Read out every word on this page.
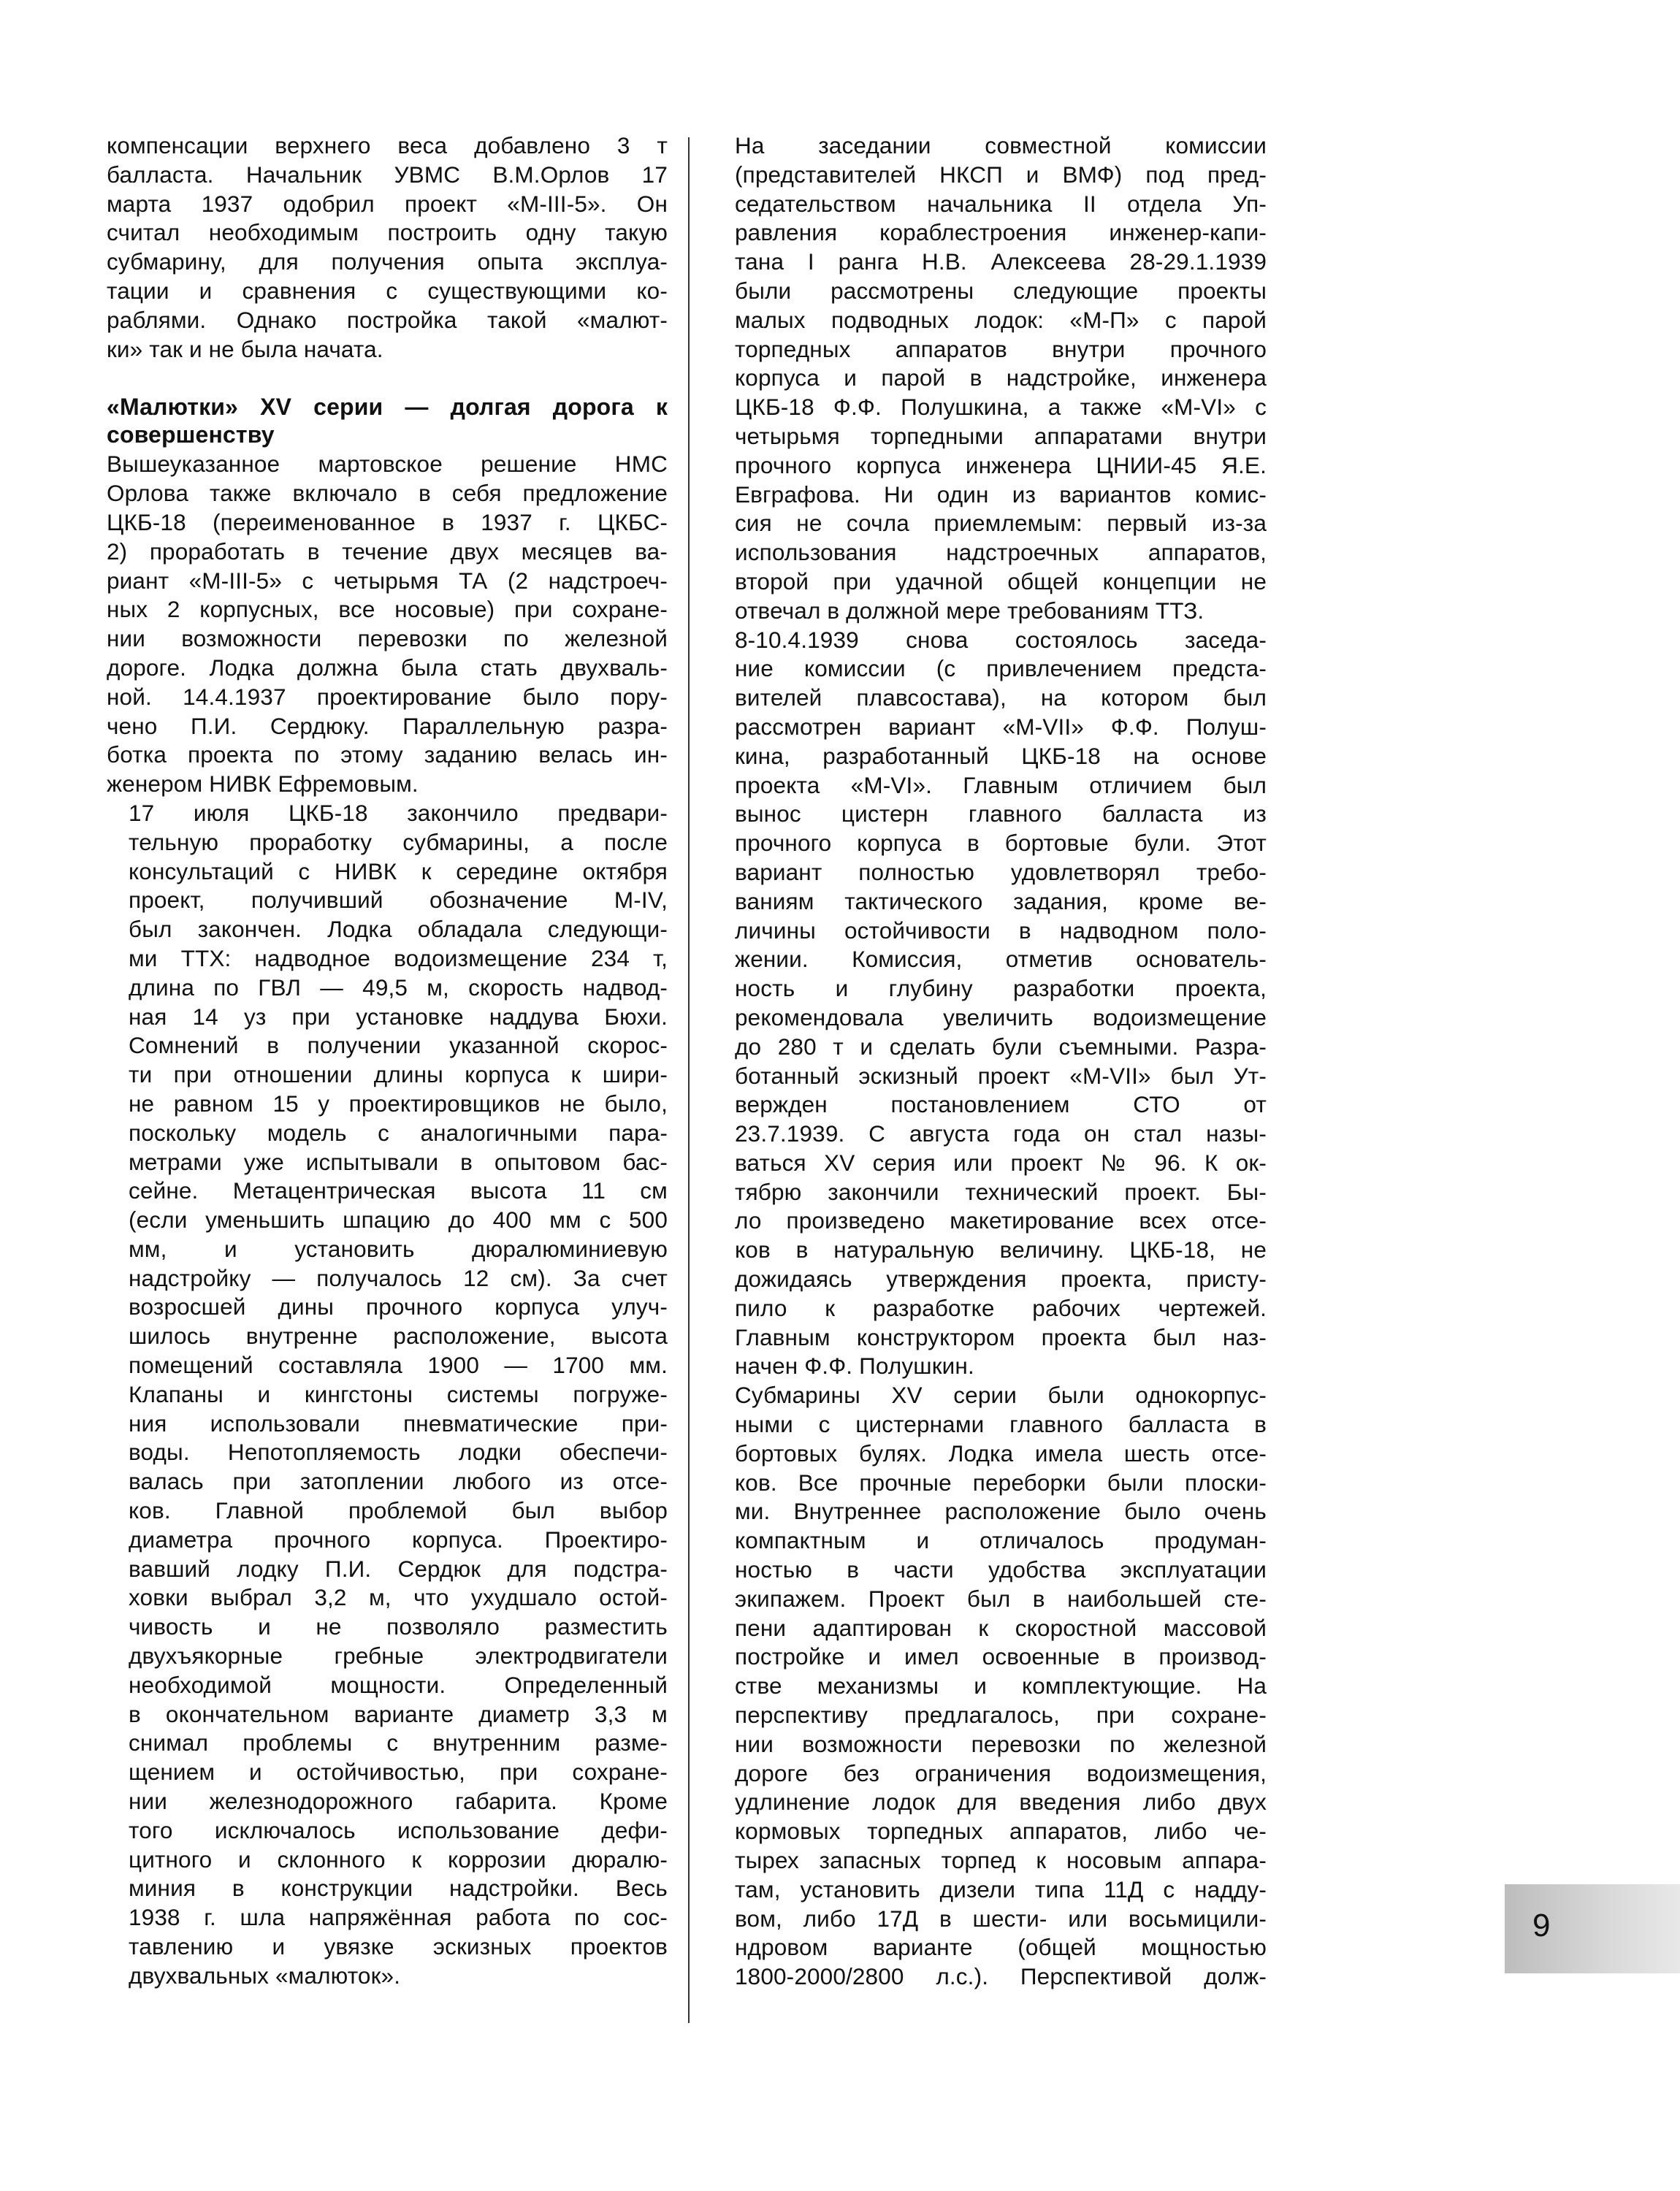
компенсации верхнего веса добавлено 3 т
балласта. Начальник УВМС В.М.Орлов 17
марта 1937 одобрил проект «М-III-5». Он
считал необходимым построить одну такую
субмарину, для получения опыта эксплуа-
тации и сравнения с существующими ко-
раблями. Однако постройка такой «малют-
ки» так и не была начата.
«Малютки» XV серии — долгая дорога к
совершенству
Вышеуказанное мартовское решение НМС
Орлова также включало в себя предложение
ЦКБ-18 (переименованное в 1937 г. ЦКБС-
2) проработать в течение двух месяцев ва-
риант «М-III-5» с четырьмя ТА (2 надстроеч-
ных 2 корпусных, все носовые) при сохране-
нии возможности перевозки по железной
дороге. Лодка должна была стать двухваль-
ной. 14.4.1937 проектирование было пору-
чено П.И. Сердюку. Параллельную разра-
ботка проекта по этому заданию велась ин-
женером НИВК Ефремовым.
17 июля ЦКБ-18 закончило предвари-
тельную проработку субмарины, а после
консультаций с НИВК к середине октября
проект, получивший обозначение М-IV,
был закончен. Лодка обладала следующи-
ми ТТХ: надводное водоизмещение 234 т,
длина по ГВЛ — 49,5 м, скорость надвод-
ная 14 уз при установке наддува Бюхи.
Сомнений в получении указанной скорос-
ти при отношении длины корпуса к шири-
не равном 15 у проектировщиков не было,
поскольку модель с аналогичными пара-
метрами уже испытывали в опытовом бас-
сейне. Метацентрическая высота 11 см
(если уменьшить шпацию до 400 мм с 500
мм, и установить дюралюминиевую
надстройку — получалось 12 см). За счет
возросшей дины прочного корпуса улуч-
шилось внутренне расположение, высота
помещений составляла 1900 — 1700 мм.
Клапаны и кингстоны системы погруже-
ния использовали пневматические при-
воды. Непотопляемость лодки обеспечи-
валась при затоплении любого из отсе-
ков. Главной проблемой был выбор
диаметра прочного корпуса. Проектиро-
вавший лодку П.И. Сердюк для подстра-
ховки выбрал 3,2 м, что ухудшало остой-
чивость и не позволяло разместить
двухъякорные гребные электродвигатели
необходимой мощности. Определенный
в окончательном варианте диаметр 3,3 м
снимал проблемы с внутренним разме-
щением и остойчивостью, при сохране-
нии железнодорожного габарита. Кроме
того исключалось использование дефи-
цитного и склонного к коррозии дюралю-
миния в конструкции надстройки. Весь
1938 г. шла напряжённая работа по сос-
тавлению и увязке эскизных проектов
двухвальных «малюток».
На заседании совместной комиссии
(представителей НКСП и ВМФ) под пред-
седательством начальника II отдела Уп-
равления кораблестроения инженер-капи-
тана I ранга Н.В. Алексеева 28-29.1.1939
были рассмотрены следующие проекты
малых подводных лодок: «М-П» с парой
торпедных аппаратов внутри прочного
корпуса и парой в надстройке, инженера
ЦКБ-18 Ф.Ф. Полушкина, а также «M-VI» с
четырьмя торпедными аппаратами внутри
прочного корпуса инженера ЦНИИ-45 Я.Е.
Евграфова. Ни один из вариантов комис-
сия не сочла приемлемым: первый из-за
использования надстроечных аппаратов,
второй при удачной общей концепции не
отвечал в должной мере требованиям ТТЗ.
8-10.4.1939 снова состоялось заседа-
ние комиссии (с привлечением предста-
вителей плавсостава), на котором был
рассмотрен вариант «M-VII» Ф.Ф. Полуш-
кина, разработанный ЦКБ-18 на основе
проекта «M-VI». Главным отличием был
вынос цистерн главного балласта из
прочного корпуса в бортовые були. Этот
вариант полностью удовлетворял требо-
ваниям тактического задания, кроме ве-
личины остойчивости в надводном поло-
жении. Комиссия, отметив основатель-
ность и глубину разработки проекта,
рекомендовала увеличить водоизмещение
до 280 т и сделать були съемными. Разра-
ботанный эскизный проект «M-VII» был Ут-
вержден постановлением СТО от
23.7.1939. С августа года он стал назы-
ваться XV серия или проект № 96. К ок-
тябрю закончили технический проект. Бы-
ло произведено макетирование всех отсе-
ков в натуральную величину. ЦКБ-18, не
дожидаясь утверждения проекта, присту-
пило к разработке рабочих чертежей.
Главным конструктором проекта был наз-
начен Ф.Ф. Полушкин.
Субмарины XV серии были однокорпус-
ными с цистернами главного балласта в
бортовых булях. Лодка имела шесть отсе-
ков. Все прочные переборки были плоски-
ми. Внутреннее расположение было очень
компактным и отличалось продуман-
ностью в части удобства эксплуатации
экипажем. Проект был в наибольшей сте-
пени адаптирован к скоростной массовой
постройке и имел освоенные в производ-
стве механизмы и комплектующие. На
перспективу предлагалось, при сохране-
нии возможности перевозки по железной
дороге без ограничения водоизмещения,
удлинение лодок для введения либо двух
кормовых торпедных аппаратов, либо че-
тырех запасных торпед к носовым аппара-
там, установить дизели типа 11Д с надду-
вом, либо 17Д в шести- или восьмицили-
ндровом варианте (общей мощностью
1800-2000/2800 л.с.). Перспективой долж-
9
